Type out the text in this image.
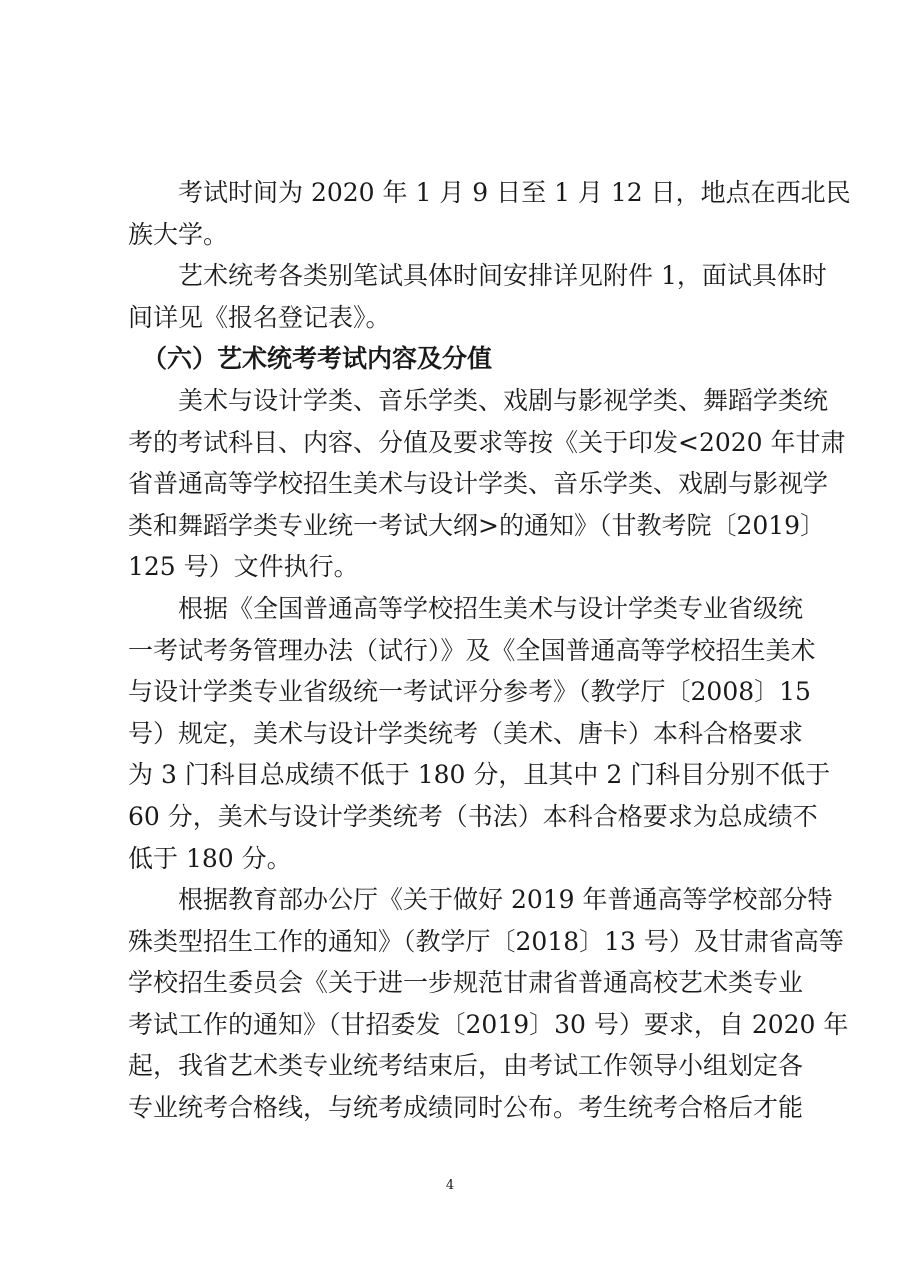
考试时间为 2020 年 1 月 9 日至 1 月 12 日，地点在西北民
族大学。
艺术统考各类别笔试具体时间安排详见附件 1，面试具体时
间详见《报名登记表》。
（六）艺术统考考试内容及分值
美术与设计学类、音乐学类、戏剧与影视学类、舞蹈学类统
考的考试科目、内容、分值及要求等按《关于印发<2020 年甘肃
省普通高等学校招生美术与设计学类、音乐学类、戏剧与影视学
类和舞蹈学类专业统一考试大纲>的通知》（甘教考院〔2019〕
125 号）文件执行。
根据《全国普通高等学校招生美术与设计学类专业省级统
一考试考务管理办法（试行）》及《全国普通高等学校招生美术
与设计学类专业省级统一考试评分参考》（教学厅〔2008〕15
号）规定，美术与设计学类统考（美术、唐卡）本科合格要求
为 3 门科目总成绩不低于 180 分，且其中 2 门科目分别不低于
60 分，美术与设计学类统考（书法）本科合格要求为总成绩不
低于 180 分。
根据教育部办公厅《关于做好 2019 年普通高等学校部分特
殊类型招生工作的通知》（教学厅〔2018〕13 号）及甘肃省高等
学校招生委员会《关于进一步规范甘肃省普通高校艺术类专业
考试工作的通知》（甘招委发〔2019〕30 号）要求，自 2020 年
起，我省艺术类专业统考结束后，由考试工作领导小组划定各
专业统考合格线，与统考成绩同时公布。考生统考合格后才能
4
